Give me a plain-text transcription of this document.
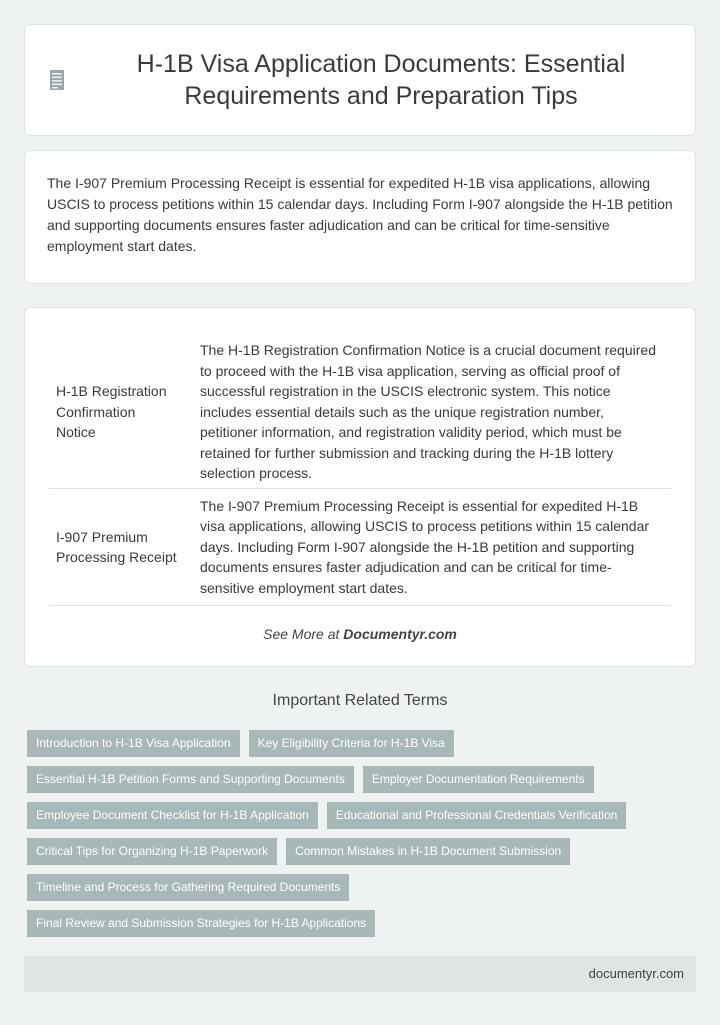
H-1B Visa Application Documents: Essential Requirements and Preparation Tips

The I-907 Premium Processing Receipt is essential for expedited H-1B visa applications, allowing USCIS to process petitions within 15 calendar days. Including Form I-907 alongside the H-1B petition and supporting documents ensures faster adjudication and can be critical for time-sensitive employment start dates.

H-1B Registration Confirmation Notice	The H-1B Registration Confirmation Notice is a crucial document required to proceed with the H-1B visa application, serving as official proof of successful registration in the USCIS electronic system. This notice includes essential details such as the unique registration number, petitioner information, and registration validity period, which must be retained for further submission and tracking during the H-1B lottery selection process.
I-907 Premium Processing Receipt	The I-907 Premium Processing Receipt is essential for expedited H-1B visa applications, allowing USCIS to process petitions within 15 calendar days. Including Form I-907 alongside the H-1B petition and supporting documents ensures faster adjudication and can be critical for time-sensitive employment start dates.
See More at Documentyr.com
Important Related Terms
Introduction to H-1B Visa Application	Key Eligibility Criteria for H-1B Visa
Essential H-1B Petition Forms and Supporting Documents	Employer Documentation Requirements
Employee Document Checklist for H-1B Application	Educational and Professional Credentials Verification
Critical Tips for Organizing H-1B Paperwork	Common Mistakes in H-1B Document Submission
Timeline and Process for Gathering Required Documents
Final Review and Submission Strategies for H-1B Applications
documentyr.com
